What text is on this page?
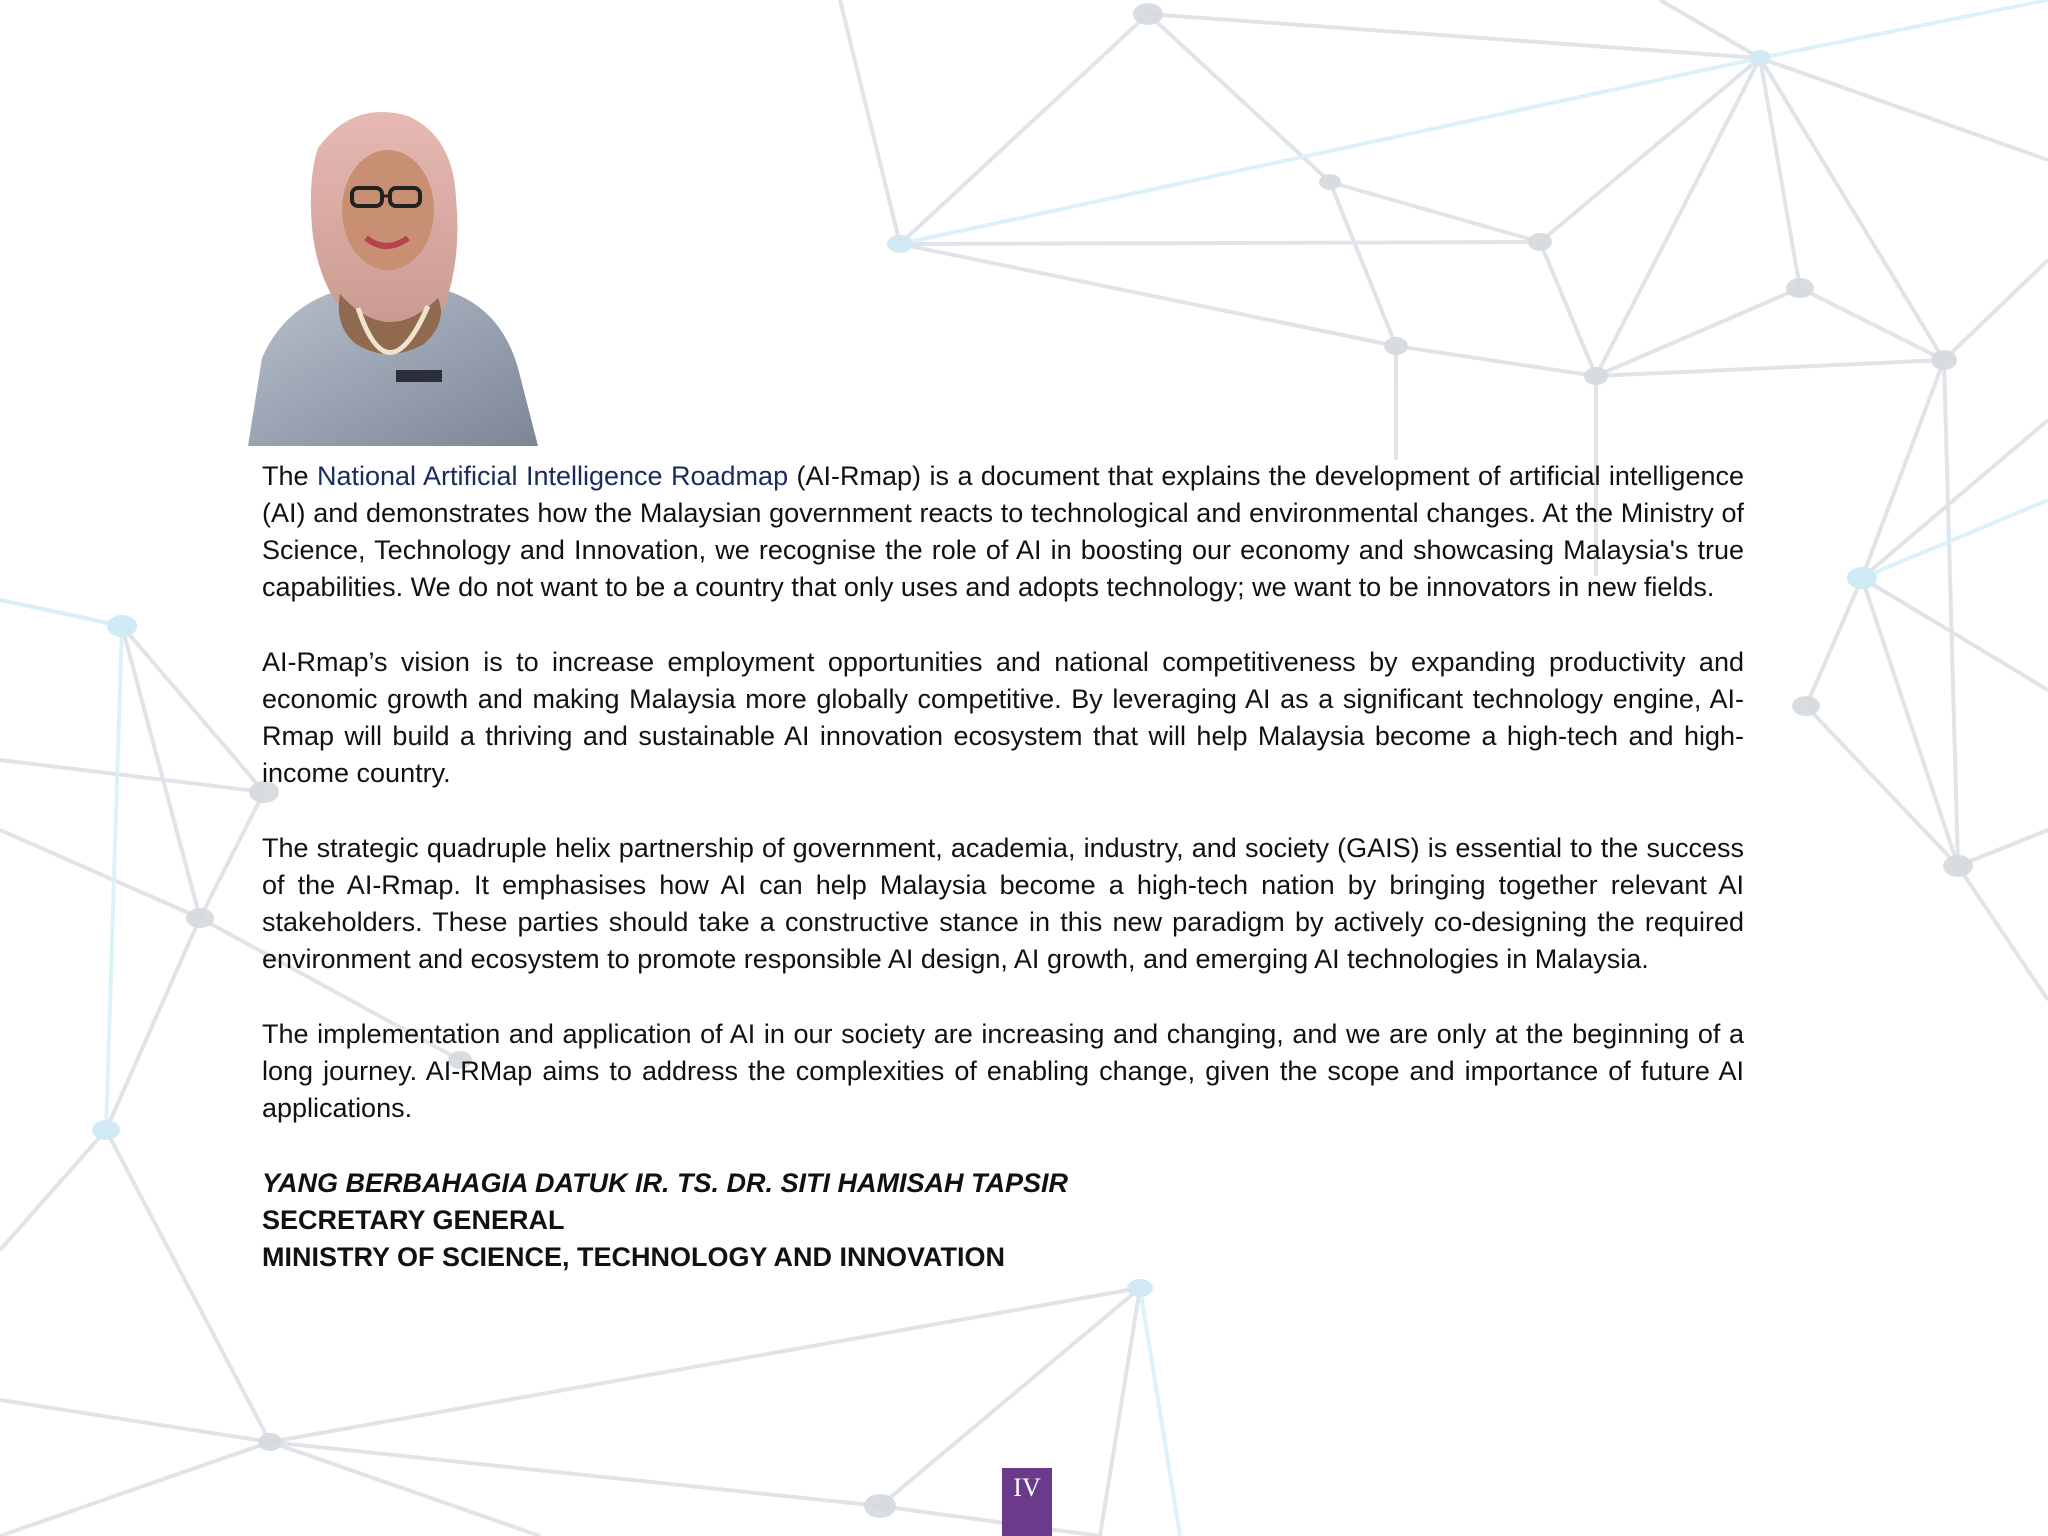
The National Artificial Intelligence Roadmap (AI-Rmap) is a document that explains the development of artificial intelligence (AI) and demonstrates how the Malaysian government reacts to technological and environmental changes. At the Ministry of Science, Technology and Innovation, we recognise the role of AI in boosting our economy and showcasing Malaysia's true capabilities. We do not want to be a country that only uses and adopts technology; we want to be innovators in new fields.

AI-Rmap’s vision is to increase employment opportunities and national competitiveness by expanding productivity and economic growth and making Malaysia more globally competitive. By leveraging AI as a significant technology engine, AI-Rmap will build a thriving and sustainable AI innovation ecosystem that will help Malaysia become a high-tech and high-income country.

The strategic quadruple helix partnership of government, academia, industry, and society (GAIS) is essential to the success of the AI-Rmap. It emphasises how AI can help Malaysia become a high-tech nation by bringing together relevant AI stakeholders. These parties should take a constructive stance in this new paradigm by actively co-designing the required environment and ecosystem to promote responsible AI design, AI growth, and emerging AI technologies in Malaysia.

The implementation and application of AI in our society are increasing and changing, and we are only at the beginning of a long journey. AI-RMap aims to address the complexities of enabling change, given the scope and importance of future AI applications.

YANG BERBAHAGIA DATUK IR. TS. DR. SITI HAMISAH TAPSIR
SECRETARY GENERAL
MINISTRY OF SCIENCE, TECHNOLOGY AND INNOVATION
IV
